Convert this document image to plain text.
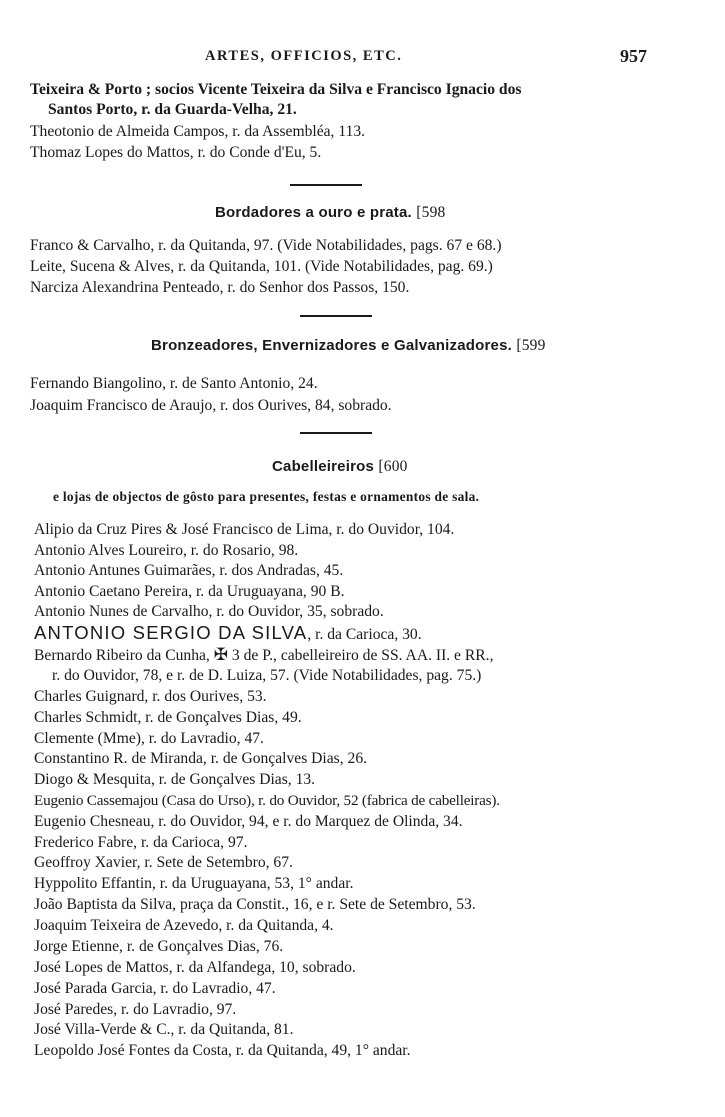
ARTES, OFFICIOS, ETC.	957
Teixeira & Porto ; socios Vicente Teixeira da Silva e Francisco Ignacio dos
Santos Porto, r. da Guarda-Velha, 21.
Theotonio de Almeida Campos, r. da Assembléa, 113.
Thomaz Lopes do Mattos, r. do Conde d'Eu, 5.
Bordadores a ouro e prata. [598
Franco & Carvalho, r. da Quitanda, 97. (Vide Notabilidades, pags. 67 e 68.)
Leite, Sucena & Alves, r. da Quitanda, 101. (Vide Notabilidades, pag. 69.)
Narciza Alexandrina Penteado, r. do Senhor dos Passos, 150.
Bronzeadores, Envernizadores e Galvanizadores. [599
Fernando Biangolino, r. de Santo Antonio, 24.
Joaquim Francisco de Araujo, r. dos Ourives, 84, sobrado.
Cabelleireiros [600
e lojas de objectos de gôsto para presentes, festas e ornamentos de sala.
Alipio da Cruz Pires & José Francisco de Lima, r. do Ouvidor, 104.
Antonio Alves Loureiro, r. do Rosario, 98.
Antonio Antunes Guimarães, r. dos Andradas, 45.
Antonio Caetano Pereira, r. da Uruguayana, 90 B.
Antonio Nunes de Carvalho, r. do Ouvidor, 35, sobrado.
ANTONIO SERGIO DA SILVA, r. da Carioca, 30.
Bernardo Ribeiro da Cunha, ✠ 3 de P., cabelleireiro de SS. AA. II. e RR.,
r. do Ouvidor, 78, e r. de D. Luiza, 57. (Vide Notabilidades, pag. 75.)
Charles Guignard, r. dos Ourives, 53.
Charles Schmidt, r. de Gonçalves Dias, 49.
Clemente (Mme), r. do Lavradio, 47.
Constantino R. de Miranda, r. de Gonçalves Dias, 26.
Diogo & Mesquita, r. de Gonçalves Dias, 13.
Eugenio Cassemajou (Casa do Urso), r. do Ouvidor, 52 (fabrica de cabelleiras).
Eugenio Chesneau, r. do Ouvidor, 94, e r. do Marquez de Olinda, 34.
Frederico Fabre, r. da Carioca, 97.
Geoffroy Xavier, r. Sete de Setembro, 67.
Hyppolito Effantin, r. da Uruguayana, 53, 1° andar.
João Baptista da Silva, praça da Constit., 16, e r. Sete de Setembro, 53.
Joaquim Teixeira de Azevedo, r. da Quitanda, 4.
Jorge Etienne, r. de Gonçalves Dias, 76.
José Lopes de Mattos, r. da Alfandega, 10, sobrado.
José Parada Garcia, r. do Lavradio, 47.
José Paredes, r. do Lavradio, 97.
José Villa-Verde & C., r. da Quitanda, 81.
Leopoldo José Fontes da Costa, r. da Quitanda, 49, 1° andar.
